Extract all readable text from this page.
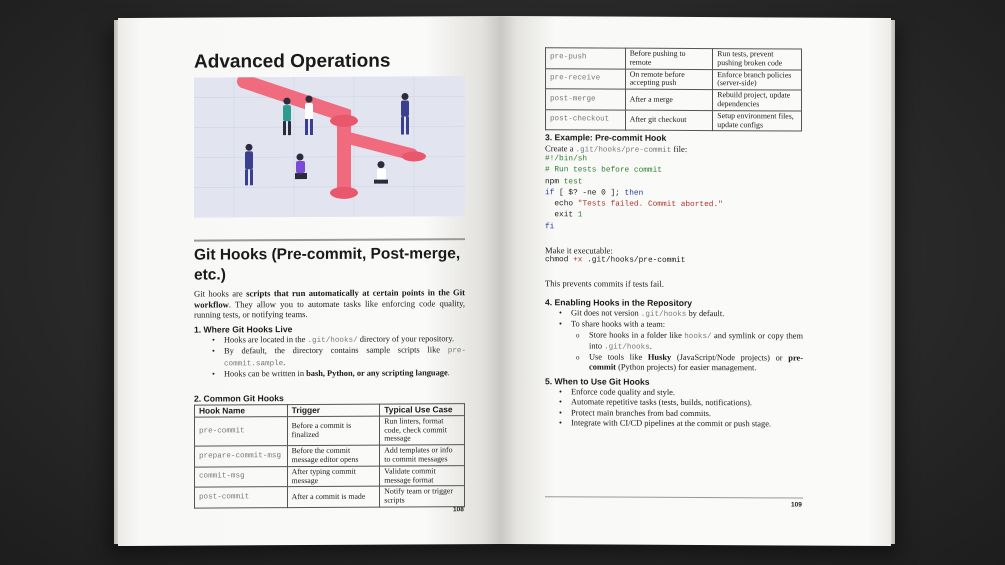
Advanced Operations
Git Hooks (Pre-commit, Post-merge, etc.)
Git hooks are scripts that run automatically at certain points in the Git workflow. They allow you to automate tasks like enforcing code quality, running tests, or notifying teams.
1. Where Git Hooks Live
• Hooks are located in the .git/hooks/ directory of your repository.
• By default, the directory contains sample scripts like pre-commit.sample.
• Hooks can be written in bash, Python, or any scripting language.
2. Common Git Hooks
Hook Name	Trigger	Typical Use Case
pre-commit	Before a commit is finalized	Run linters, format code, check commit message
prepare-commit-msg	Before the commit message editor opens	Add templates or info to commit messages
commit-msg	After typing commit message	Validate commit message format
post-commit	After a commit is made	Notify team or trigger scripts
108
pre-push	Before pushing to remote	Run tests, prevent pushing broken code
pre-receive	On remote before accepting push	Enforce branch policies (server-side)
post-merge	After a merge	Rebuild project, update dependencies
post-checkout	After git checkout	Setup environment files, update configs
3. Example: Pre-commit Hook
Create a .git/hooks/pre-commit file:
#!/bin/sh
# Run tests before commit
npm test
if [ $? -ne 0 ]; then
echo "Tests failed. Commit aborted."
exit 1
fi
Make it executable:
chmod +x .git/hooks/pre-commit
This prevents commits if tests fail.
4. Enabling Hooks in the Repository
• Git does not version .git/hooks by default.
• To share hooks with a team:
o Store hooks in a folder like hooks/ and symlink or copy them into .git/hooks.
o Use tools like Husky (JavaScript/Node projects) or pre-commit (Python projects) for easier management.
5. When to Use Git Hooks
• Enforce code quality and style.
• Automate repetitive tasks (tests, builds, notifications).
• Protect main branches from bad commits.
• Integrate with CI/CD pipelines at the commit or push stage.
109
